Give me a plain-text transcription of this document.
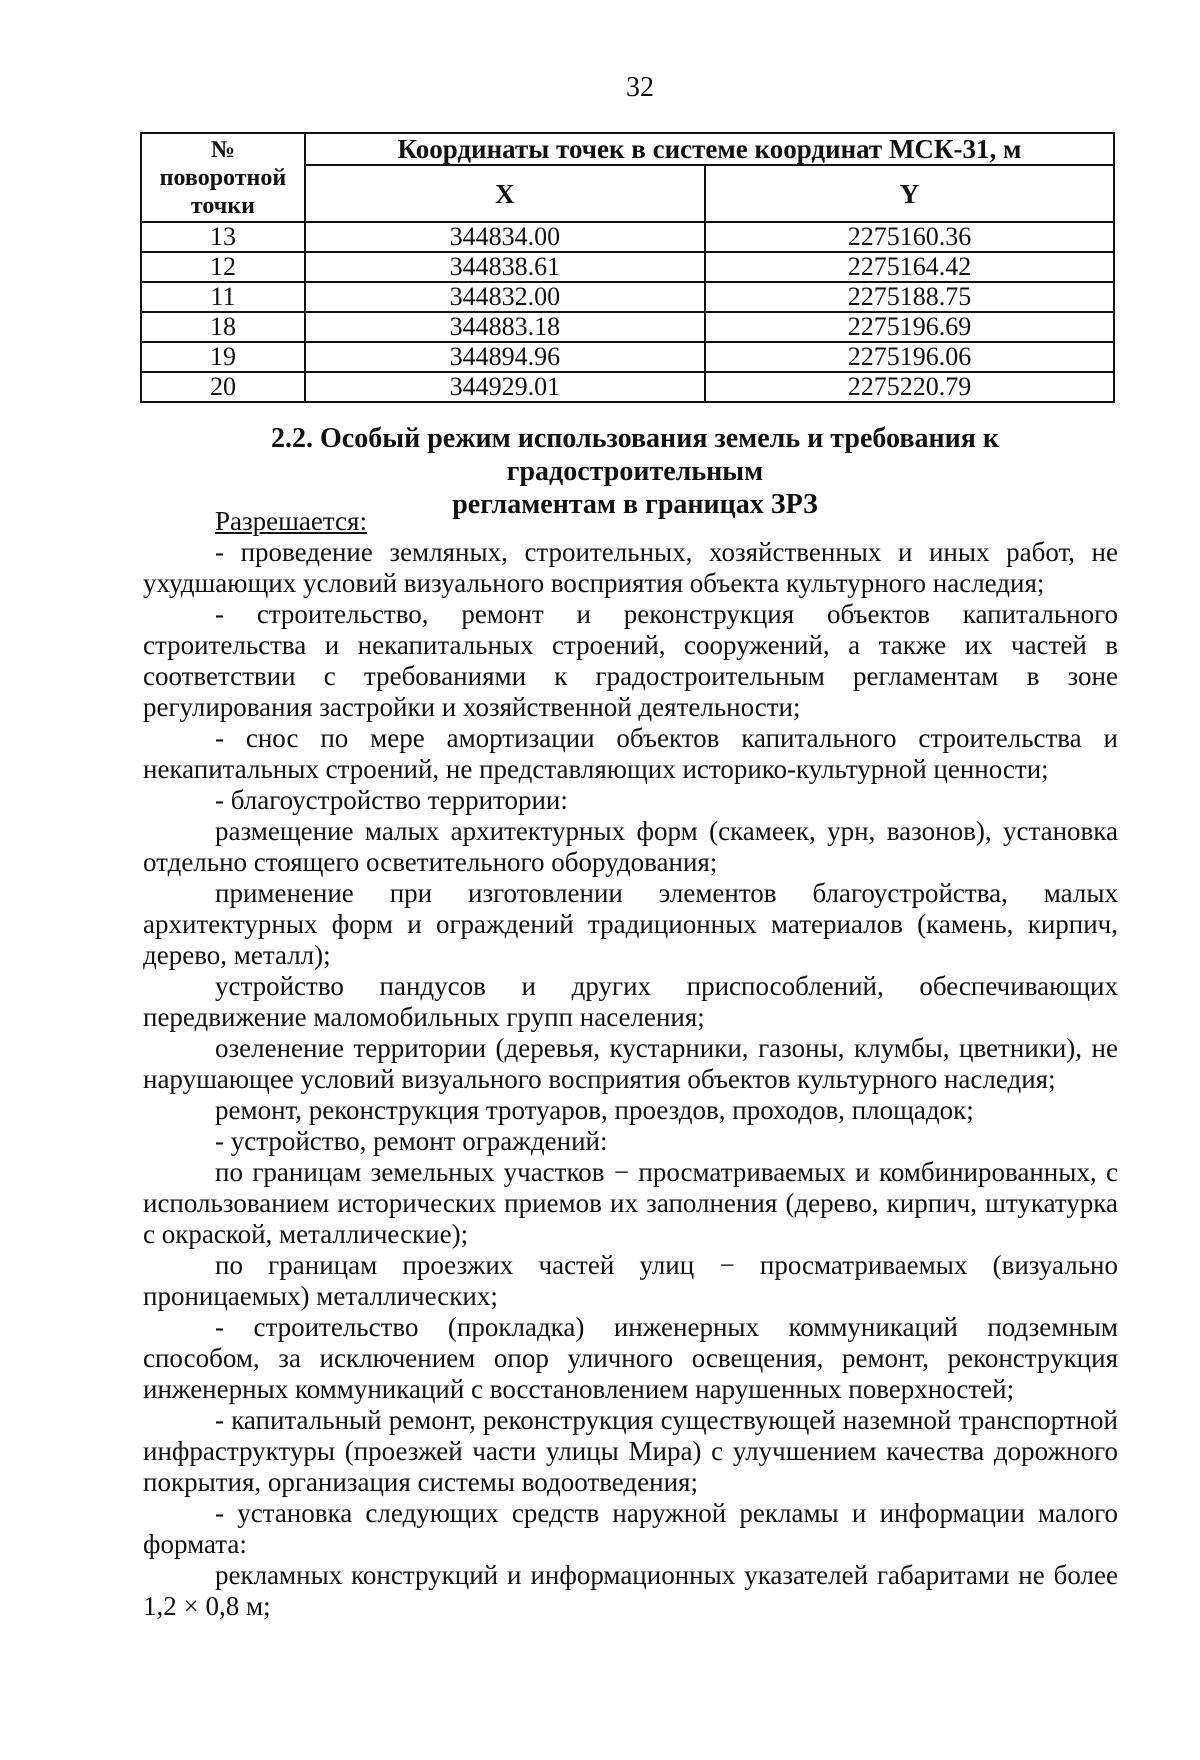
32
№
поворотной
точки	Координаты точек в системе координат МСК-31, м	
	X	Y
13	344834.00	2275160.36
12	344838.61	2275164.42
11	344832.00	2275188.75
18	344883.18	2275196.69
19	344894.96	2275196.06
20	344929.01	2275220.79
2.2. Особый режим использования земель и требования к градостроительным
регламентам в границах ЗРЗ

Разрешается:

- проведение земляных, строительных, хозяйственных и иных работ, не ухудшающих условий визуального восприятия объекта культурного наследия;

- строительство, ремонт и реконструкция объектов капитального строительства и некапитальных строений, сооружений, а также их частей в соответствии с требованиями к градостроительным регламентам в зоне регулирования застройки и хозяйственной деятельности;

- снос по мере амортизации объектов капитального строительства и некапитальных строений, не представляющих историко-культурной ценности;

- благоустройство территории:

размещение малых архитектурных форм (скамеек, урн, вазонов), установка отдельно стоящего осветительного оборудования;

применение при изготовлении элементов благоустройства, малых архитектурных форм и ограждений традиционных материалов (камень, кирпич, дерево, металл);

устройство пандусов и других приспособлений, обеспечивающих передвижение маломобильных групп населения;

озеленение территории (деревья, кустарники, газоны, клумбы, цветники), не нарушающее условий визуального восприятия объектов культурного наследия;

ремонт, реконструкция тротуаров, проездов, проходов, площадок;

- устройство, ремонт ограждений:

по границам земельных участков − просматриваемых и комбинированных, с использованием исторических приемов их заполнения (дерево, кирпич, штукатурка с окраской, металлические);

по границам проезжих частей улиц − просматриваемых (визуально проницаемых) металлических;

- строительство (прокладка) инженерных коммуникаций подземным способом, за исключением опор уличного освещения, ремонт, реконструкция инженерных коммуникаций с восстановлением нарушенных поверхностей;

- капитальный ремонт, реконструкция существующей наземной транспортной инфраструктуры (проезжей части улицы Мира) с улучшением качества дорожного покрытия, организация системы водоотведения;

- установка следующих средств наружной рекламы и информации малого формата:

рекламных конструкций и информационных указателей габаритами не более 1,2 × 0,8 м;
